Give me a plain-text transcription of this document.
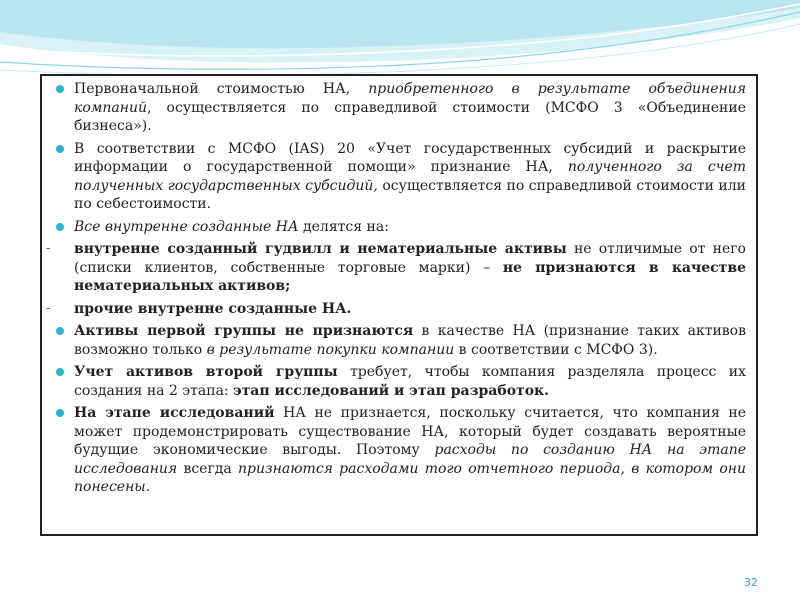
Первоначальной стоимостью НА, приобретенного в результате объединения компаний, осуществляется по справедливой стоимости (МСФО 3 «Объединение бизнеса»).
В соответствии с МСФО (IAS) 20 «Учет государственных субсидий и раскрытие информации о государственной помощи» признание НА, полученного за счет полученных государственных субсидий, осуществляется по справедливой стоимости или по себестоимости.
Все внутренне созданные НА делятся на:
- внутренне созданный гудвилл и нематериальные активы не отличимые от него (списки клиентов, собственные торговые марки) – не признаются в качестве нематериальных активов;
- прочие внутренне созданные НА.
Активы первой группы не признаются в качестве НА (признание таких активов возможно только в результате покупки компании в соответствии с МСФО 3).
Учет активов второй группы требует, чтобы компания разделяла процесс их создания на 2 этапа: этап исследований и этап разработок.
На этапе исследований НА не признается, поскольку считается, что компания не может продемонстрировать существование НА, который будет создавать вероятные будущие экономические выгоды. Поэтому расходы по созданию НА на этапе исследования всегда признаются расходами того отчетного периода, в котором они понесены.
32
